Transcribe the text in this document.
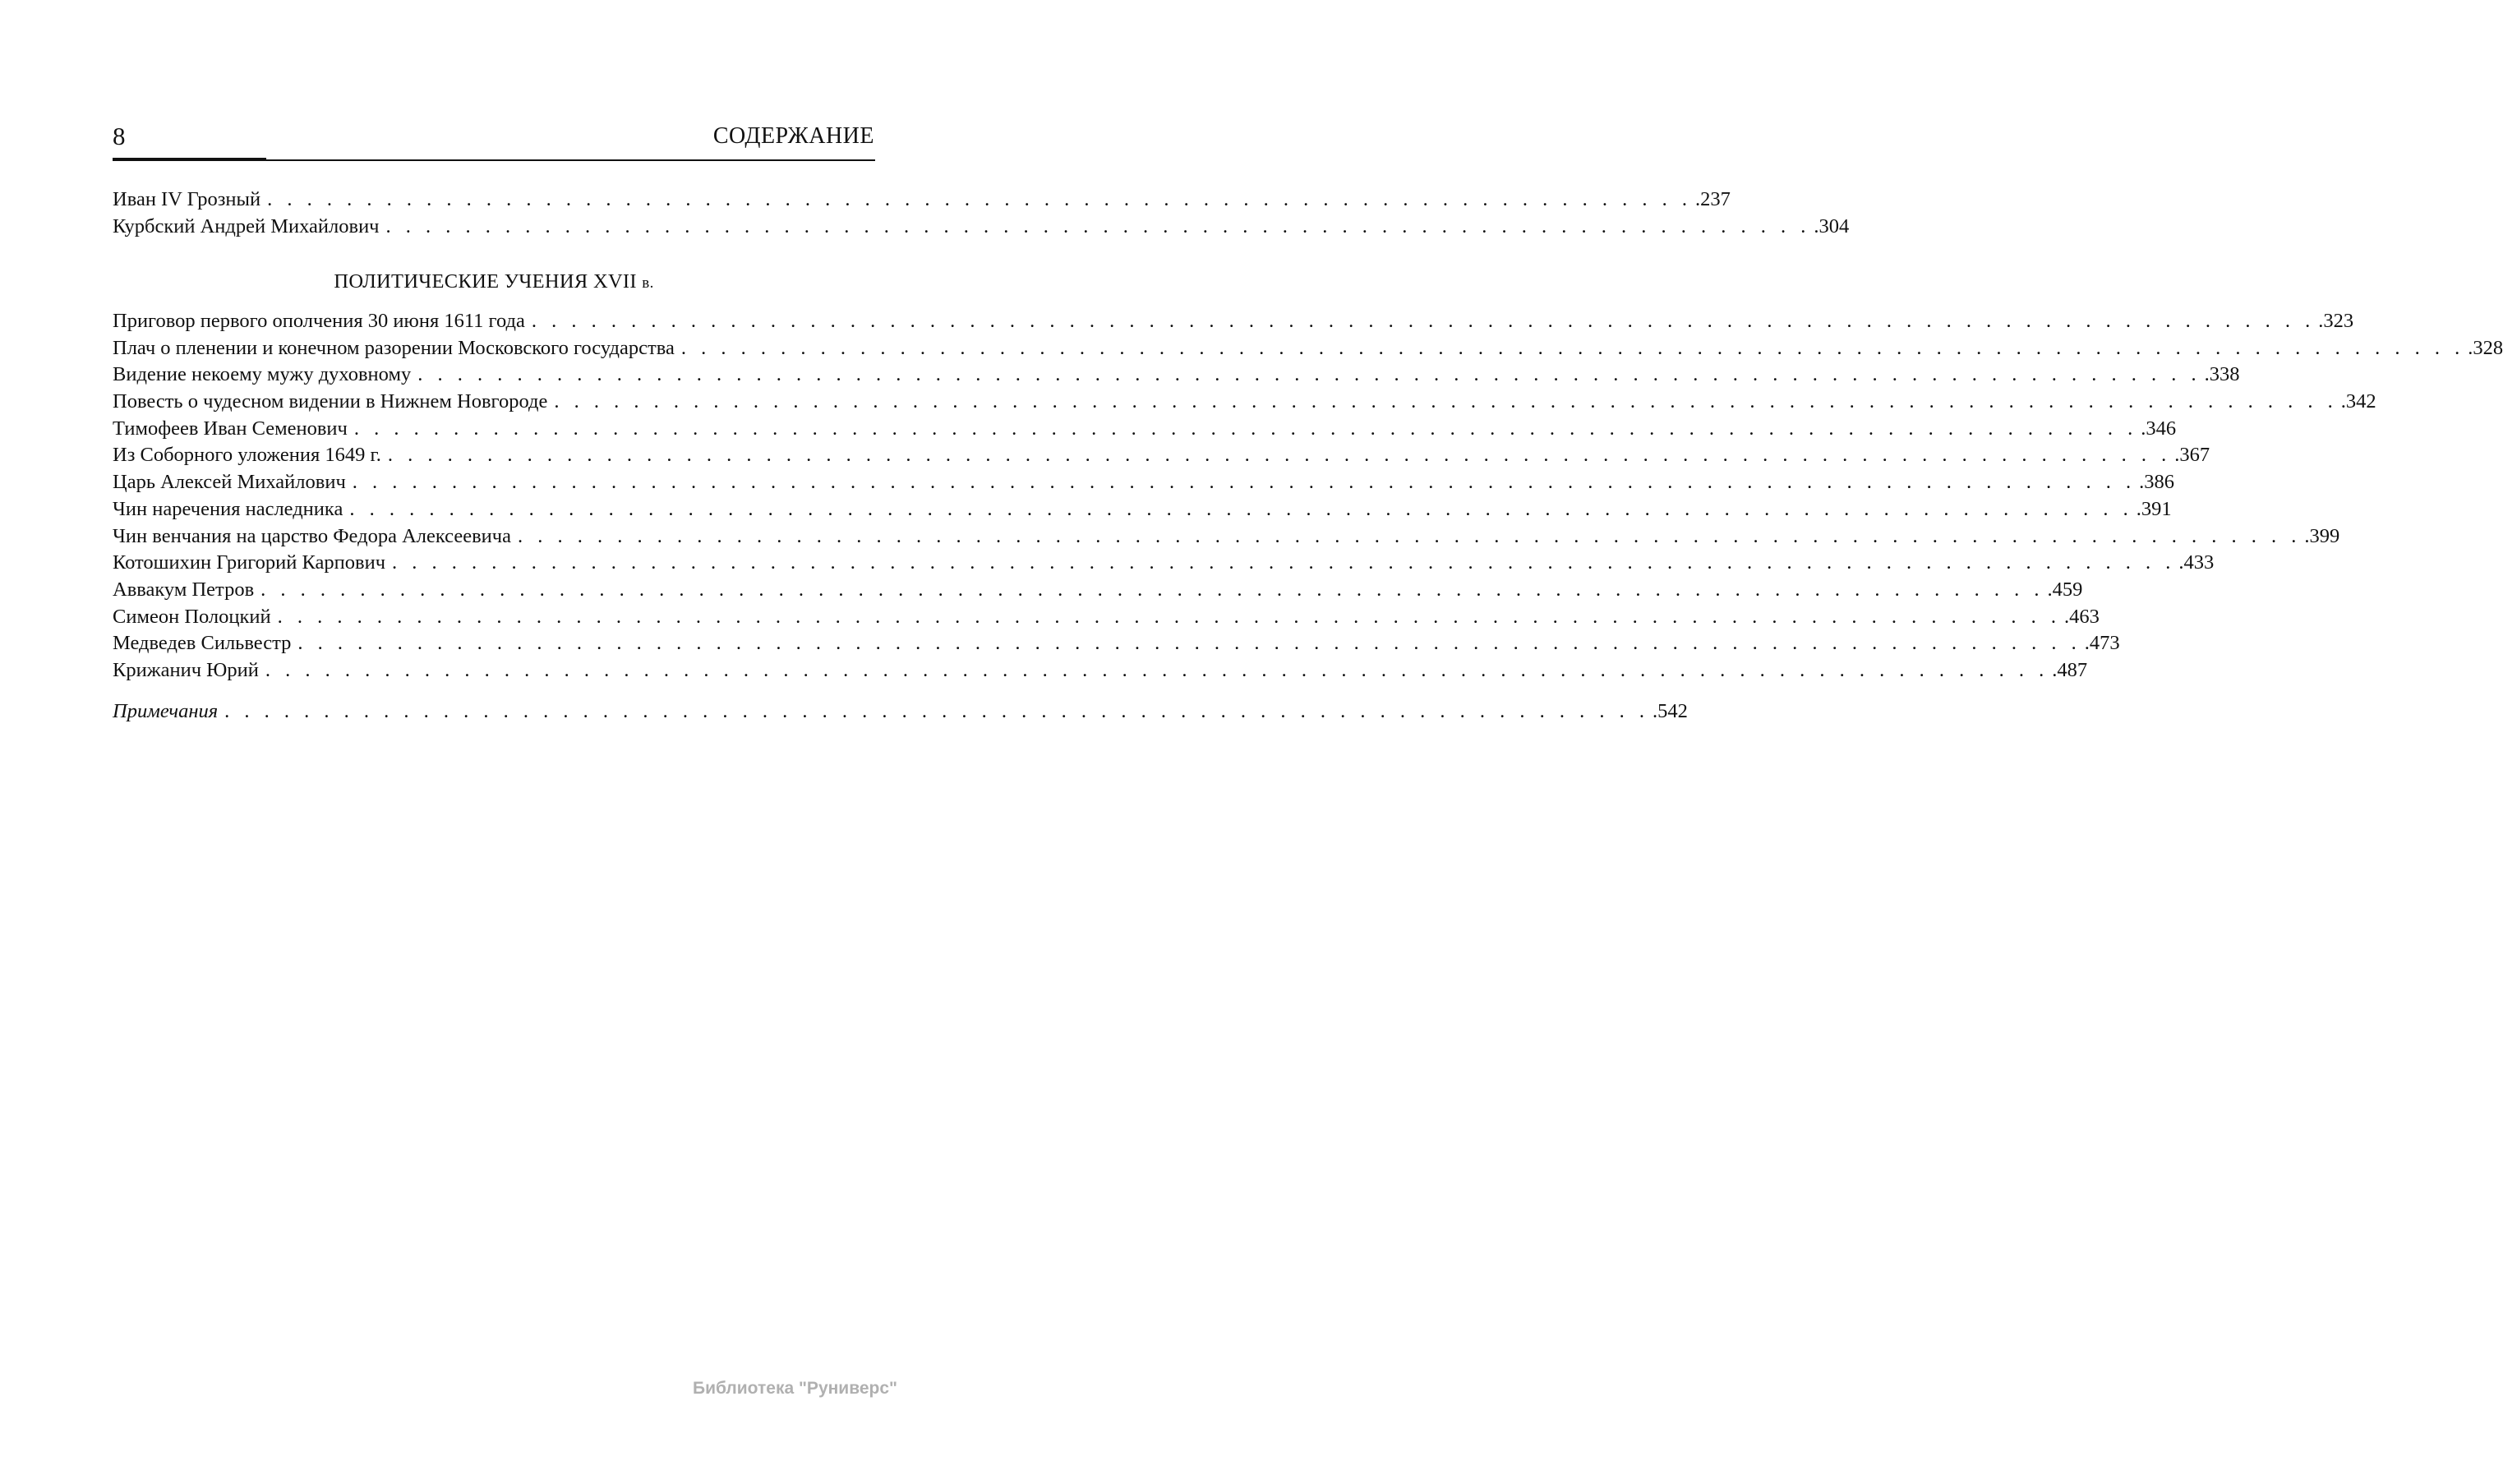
8	СОДЕРЖАНИЕ
Иван IV Грозный . . . . . . . . . . . . . . . . . . . . . . . . . . . . . . . . . . . . . . . . . . . . . . . . . . . . . . . . . . . . . . . . . . . . . . . . .237
Курбский Андрей Михайлович . . . . . . . . . . . . . . . . . . . . . . . . . . . . . . . . . . . . . . . . . . . . . . . . . . . . . . . . . . . . . . . . . . . . . . . . .304
ПОЛИТИЧЕСКИЕ УЧЕНИЯ XVII в.
Приговор первого ополчения 30 июня 1611 года . . . . . . . . . . . . . . . . . . . . . . . . . . . . . . . . . . . . . . . . . . . . . . . . . . . . . . . . . . . . . . . . . . . . . . . . . . . . . . . . . . . . . . . . . . .323
Плач о пленении и конечном разорении Московского государства . . . . . . . . . . . . . . . . . . . . . . . . . . . . . . . . . . . . . . . . . . . . . . . . . . . . . . . . . . . . . . . . . . . . . . . . . . . . . . . . . . . . . . . . . . .328
Видение некоему мужу духовному . . . . . . . . . . . . . . . . . . . . . . . . . . . . . . . . . . . . . . . . . . . . . . . . . . . . . . . . . . . . . . . . . . . . . . . . . . . . . . . . . . . . . . . . . . .338
Повесть о чудесном видении в Нижнем Новгороде . . . . . . . . . . . . . . . . . . . . . . . . . . . . . . . . . . . . . . . . . . . . . . . . . . . . . . . . . . . . . . . . . . . . . . . . . . . . . . . . . . . . . . . . . . .342
Тимофеев Иван Семенович . . . . . . . . . . . . . . . . . . . . . . . . . . . . . . . . . . . . . . . . . . . . . . . . . . . . . . . . . . . . . . . . . . . . . . . . . . . . . . . . . . . . . . . . . . .346
Из Соборного уложения 1649 г. . . . . . . . . . . . . . . . . . . . . . . . . . . . . . . . . . . . . . . . . . . . . . . . . . . . . . . . . . . . . . . . . . . . . . . . . . . . . . . . . . . . . . . . . . . .367
Царь Алексей Михайлович . . . . . . . . . . . . . . . . . . . . . . . . . . . . . . . . . . . . . . . . . . . . . . . . . . . . . . . . . . . . . . . . . . . . . . . . . . . . . . . . . . . . . . . . . . .386
Чин наречения наследника . . . . . . . . . . . . . . . . . . . . . . . . . . . . . . . . . . . . . . . . . . . . . . . . . . . . . . . . . . . . . . . . . . . . . . . . . . . . . . . . . . . . . . . . . . .391
Чин венчания на царство Федора Алексеевича . . . . . . . . . . . . . . . . . . . . . . . . . . . . . . . . . . . . . . . . . . . . . . . . . . . . . . . . . . . . . . . . . . . . . . . . . . . . . . . . . . . . . . . . . . .399
Котошихин Григорий Карпович . . . . . . . . . . . . . . . . . . . . . . . . . . . . . . . . . . . . . . . . . . . . . . . . . . . . . . . . . . . . . . . . . . . . . . . . . . . . . . . . . . . . . . . . . . .433
Аввакум Петров . . . . . . . . . . . . . . . . . . . . . . . . . . . . . . . . . . . . . . . . . . . . . . . . . . . . . . . . . . . . . . . . . . . . . . . . . . . . . . . . . . . . . . . . . . .459
Симеон Полоцкий . . . . . . . . . . . . . . . . . . . . . . . . . . . . . . . . . . . . . . . . . . . . . . . . . . . . . . . . . . . . . . . . . . . . . . . . . . . . . . . . . . . . . . . . . . .463
Медведев Сильвестр . . . . . . . . . . . . . . . . . . . . . . . . . . . . . . . . . . . . . . . . . . . . . . . . . . . . . . . . . . . . . . . . . . . . . . . . . . . . . . . . . . . . . . . . . . .473
Крижанич Юрий . . . . . . . . . . . . . . . . . . . . . . . . . . . . . . . . . . . . . . . . . . . . . . . . . . . . . . . . . . . . . . . . . . . . . . . . . . . . . . . . . . . . . . . . . . .487
Примечания . . . . . . . . . . . . . . . . . . . . . . . . . . . . . . . . . . . . . . . . . . . . . . . . . . . . . . . . . . . . . . . . . . . . . . . . .542
Библиотека "Руниверс"
